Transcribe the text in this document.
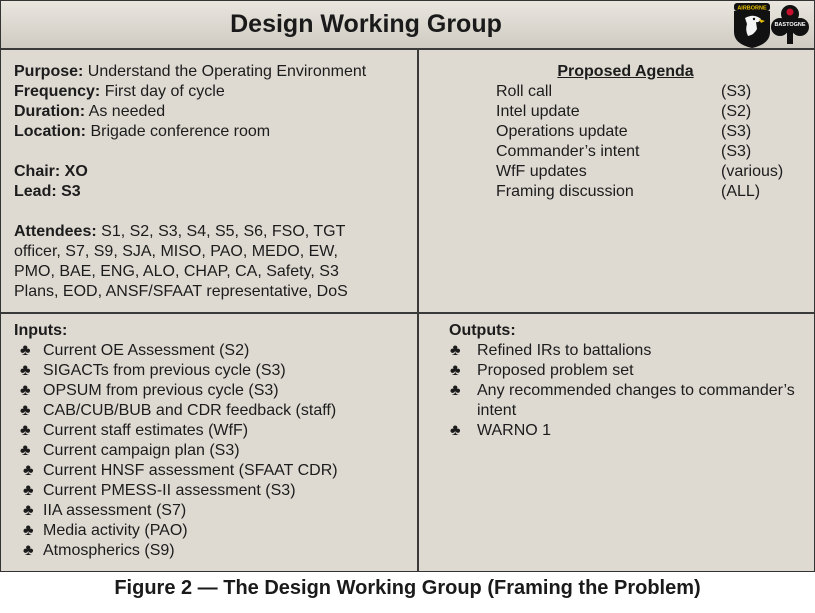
Design Working Group
AIRBORNE
BASTOGNE
Purpose: Understand the Operating Environment
Frequency: First day of cycle
Duration: As needed
Location: Brigade conference room
Chair: XO
Lead: S3
Attendees: S1, S2, S3, S4, S5, S6, FSO, TGT
officer, S7, S9, SJA, MISO, PAO, MEDO, EW,
PMO, BAE, ENG, ALO, CHAP, CA, Safety, S3
Plans, EOD, ANSF/SFAAT representative, DoS
Proposed Agenda
Roll call	(S3)
Intel update	(S2)
Operations update	(S3)
Commander’s intent	(S3)
WfF updates	(various)
Framing discussion	(ALL)
Inputs:
♣ Current OE Assessment (S2)
♣ SIGACTs from previous cycle (S3)
♣ OPSUM from previous cycle (S3)
♣ CAB/CUB/BUB and CDR feedback (staff)
♣ Current staff estimates (WfF)
♣ Current campaign plan (S3)
♣ Current HNSF assessment (SFAAT CDR)
♣ Current PMESS-II assessment (S3)
♣ IIA assessment (S7)
♣ Media activity (PAO)
♣ Atmospherics (S9)
Outputs:
♣ Refined IRs to battalions
♣ Proposed problem set
♣ Any recommended changes to commander’s
intent
♣ WARNO 1
Figure 2 — The Design Working Group (Framing the Problem)
